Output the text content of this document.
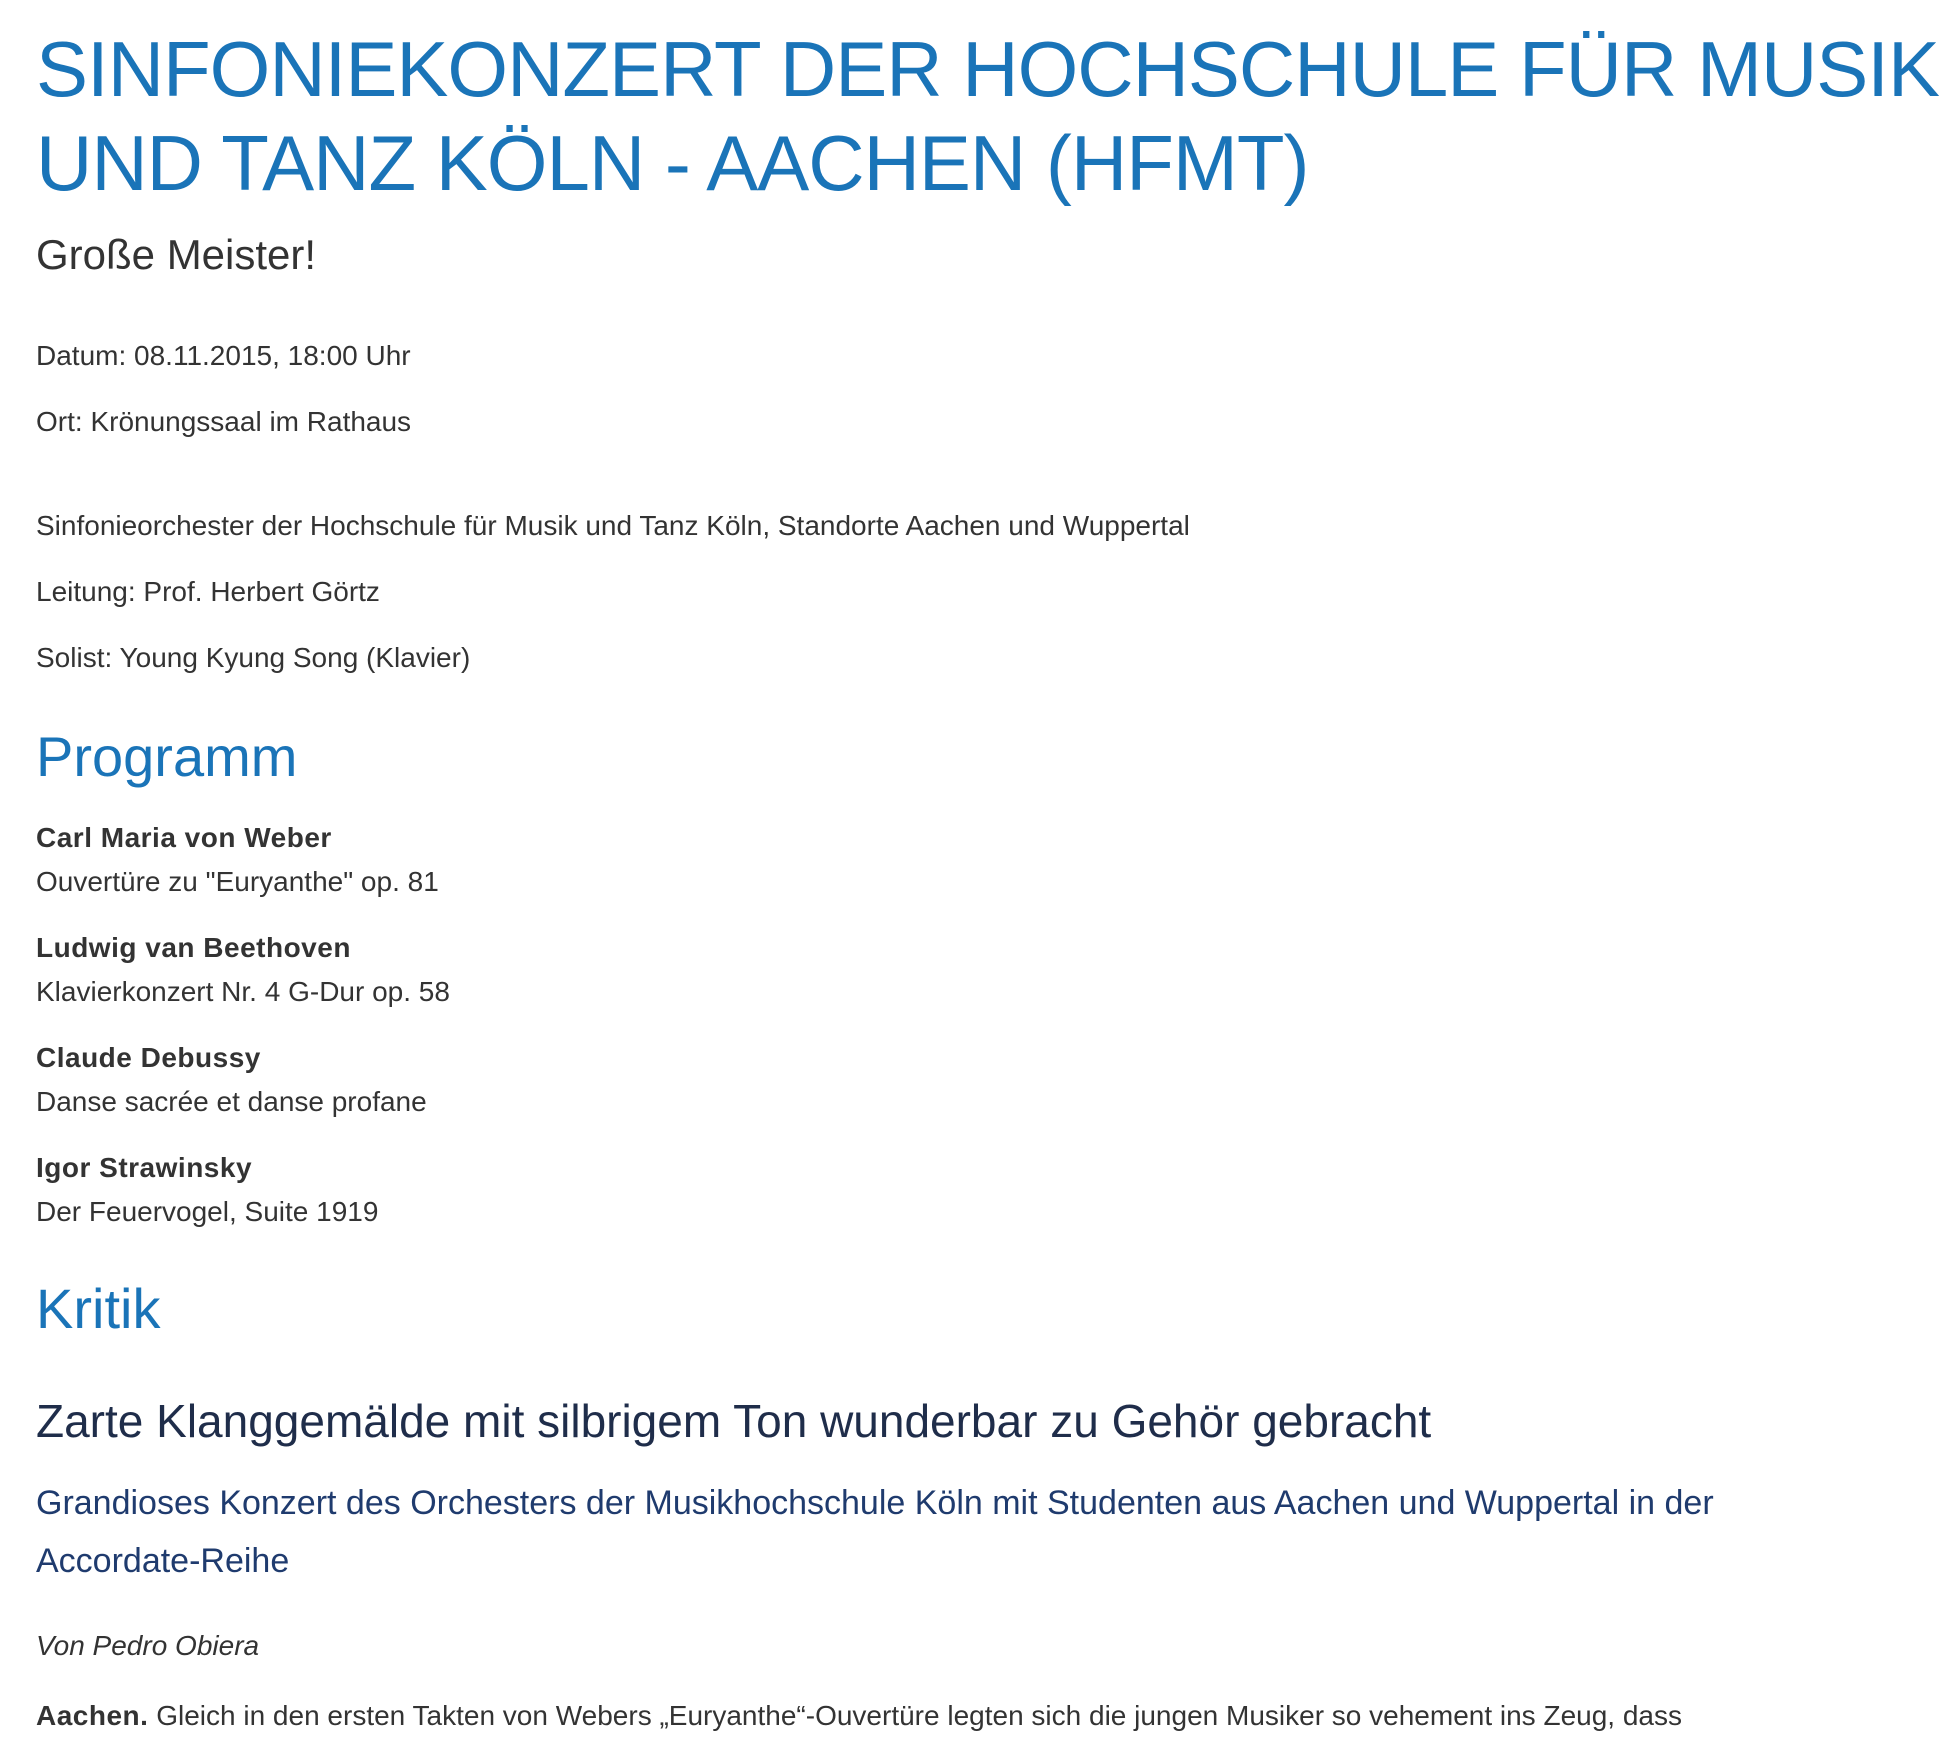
SINFONIEKONZERT DER HOCHSCHULE FÜR MUSIK
UND TANZ KÖLN - AACHEN (HFMT)
Große Meister!

Datum: 08.11.2015, 18:00 Uhr

Ort: Krönungssaal im Rathaus

Sinfonieorchester der Hochschule für Musik und Tanz Köln, Standorte Aachen und Wuppertal

Leitung: Prof. Herbert Görtz

Solist: Young Kyung Song (Klavier)

Programm

Carl Maria von Weber

Ouvertüre zu "Euryanthe" op. 81

Ludwig van Beethoven

Klavierkonzert Nr. 4 G-Dur op. 58

Claude Debussy

Danse sacrée et danse profane

Igor Strawinsky

Der Feuervogel, Suite 1919

Kritik
Zarte Klanggemälde mit silbrigem Ton wunderbar zu Gehör gebracht

Grandioses Konzert des Orchesters der Musikhochschule Köln mit Studenten aus Aachen und Wuppertal in der Accordate-Reihe

Von Pedro Obiera

Aachen. Gleich in den ersten Takten von Webers „Euryanthe“-Ouvertüre legten sich die jungen Musiker so vehement ins Zeug, dass
